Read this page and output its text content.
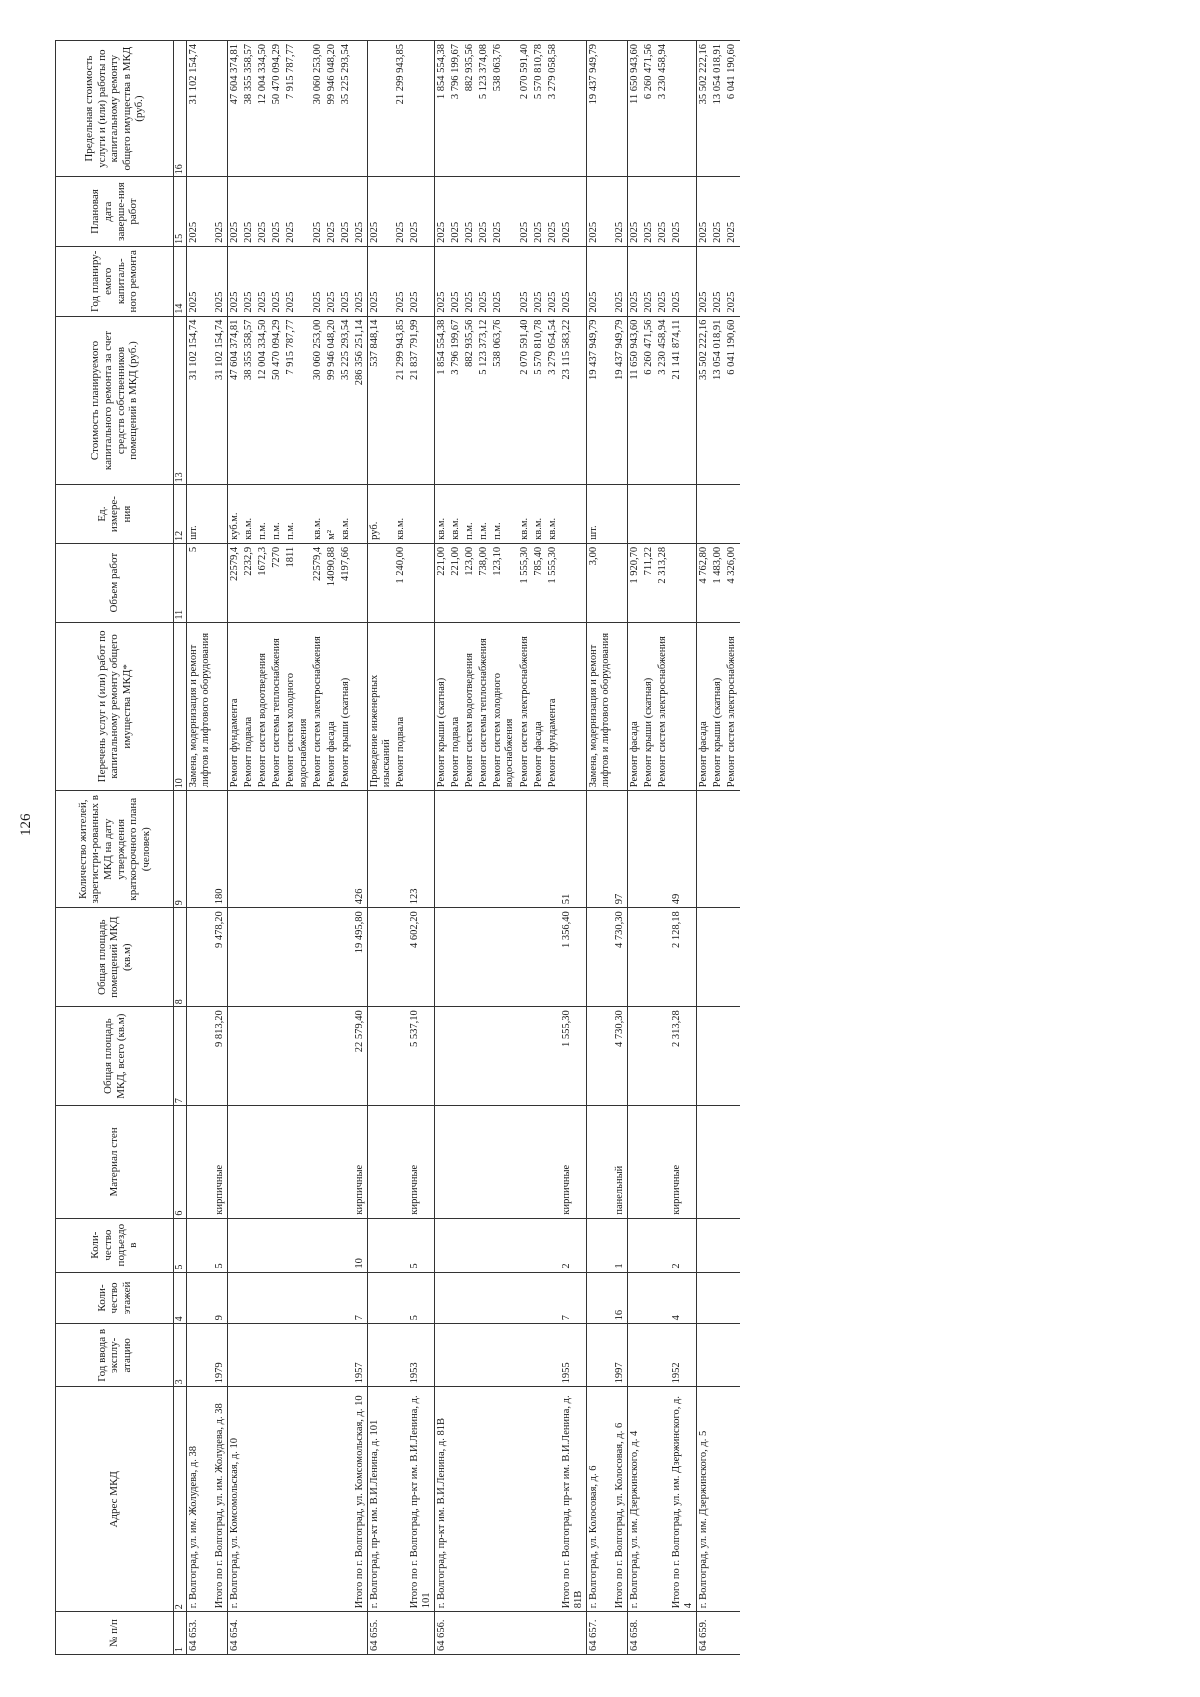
126
№ п/п	Адрес МКД	Год ввода в эксплу-атацию	Коли-чество этажей	Коли-чество подъездо в	Материал стен	Общая площадь МКД, всего (кв.м)	Общая площадь помещений МКД (кв.м)	Количество жителей, зарегистри-рованных в МКД на дату утверждения краткосрочного плана (человек)	Перечень услуг и (или) работ по капитальному ремонту общего имущества МКД*	Объем работ	Ед. измере-ния	Стоимость планируемого капитального ремонта за счет средств собственников помещений в МКД (руб.)	Год планиру-емого капиталь-ного ремонта	Плановая дата заверше-ния работ	Предельная стоимость услуги и (или) работы по капитальному ремонту общего имущества в МКД (руб.)
1	2	3	4	5	6	7	8	9	10	11	12	13	14	15	16
64 653.	г. Волгоград, ул. им. Жолудева, д. 38								Замена, модернизация и ремонт лифтов и лифтового оборудования	5	шт.	31 102 154,74	2025	2025	31 102 154,74
	Итого по г. Волгоград, ул. им. Жолудева, д. 38	1979	9	5	кирпичные	9 813,20	9 478,20	180				31 102 154,74	2025	2025	
64 654.	г. Волгоград, ул. Комсомольская, д. 10								Ремонт фундамента	22579,4	куб.м.	47 604 374,81	2025	2025	47 604 374,81
									Ремонт подвала	2232,9	кв.м.	38 355 358,57	2025	2025	38 355 358,57
									Ремонт систем водоотведения	1672,3	п.м.	12 004 334,50	2025	2025	12 004 334,50
									Ремонт системы теплоснабжения	7270	п.м.	50 470 094,29	2025	2025	50 470 094,29
									Ремонт систем холодного водоснабжения	1811	п.м.	7 915 787,77	2025	2025	7 915 787,77
									Ремонт систем электроснабжения	22579,4	кв.м.	30 060 253,00	2025	2025	30 060 253,00
									Ремонт фасада	14090,88	м²	99 946 048,20	2025	2025	99 946 048,20
									Ремонт крыши (скатная)	4197,66	кв.м.	35 225 293,54	2025	2025	35 225 293,54
	Итого по г. Волгоград, ул. Комсомольская, д. 10	1957	7	10	кирпичные	22 579,40	19 495,80	426				286 356 251,14	2025	2025	
64 655.	г. Волгоград, пр-кт им. В.И.Ленина, д. 101								Проведение инженерных изысканий		руб.	537 848,14	2025	2025	
									Ремонт подвала	1 240,00	кв.м.	21 299 943,85	2025	2025	21 299 943,85
	Итого по г. Волгоград, пр-кт им. В.И.Ленина, д. 101	1953	5	5	кирпичные	5 537,10	4 602,20	123				21 837 791,99	2025	2025	
64 656.	г. Волгоград, пр-кт им. В.И.Ленина, д. 81В								Ремонт крыши (скатная)	221,00	кв.м.	1 854 554,38	2025	2025	1 854 554,38
									Ремонт подвала	221,00	кв.м.	3 796 199,67	2025	2025	3 796 199,67
									Ремонт систем водоотведения	123,00	п.м.	882 935,56	2025	2025	882 935,56
									Ремонт системы теплоснабжения	738,00	п.м.	5 123 373,12	2025	2025	5 123 374,08
									Ремонт систем холодного водоснабжения	123,10	п.м.	538 063,76	2025	2025	538 063,76
									Ремонт систем электроснабжения	1 555,30	кв.м.	2 070 591,40	2025	2025	2 070 591,40
									Ремонт фасада	785,40	кв.м.	5 570 810,78	2025	2025	5 570 810,78
									Ремонт фундамента	1 555,30	кв.м.	3 279 054,54	2025	2025	3 279 058,58
	Итого по г. Волгоград, пр-кт им. В.И.Ленина, д. 81В	1955	7	2	кирпичные	1 555,30	1 356,40	51				23 115 583,22	2025	2025	
64 657.	г. Волгоград, ул. Колосовая, д. 6								Замена, модернизация и ремонт лифтов и лифтового оборудования	3,00	шт.	19 437 949,79	2025	2025	19 437 949,79
	Итого по г. Волгоград, ул. Колосовая, д. 6	1997	16	1	панельный	4 730,30	4 730,30	97				19 437 949,79	2025	2025	
64 658.	г. Волгоград, ул. им. Дзержинского, д. 4								Ремонт фасада	1 920,70		11 650 943,60	2025	2025	11 650 943,60
									Ремонт крыши (скатная)	711,22		6 260 471,56	2025	2025	6 260 471,56
									Ремонт систем электроснабжения	2 313,28		3 230 458,94	2025	2025	3 230 458,94
	Итого по г. Волгоград, ул. им. Дзержинского, д. 4	1952	4	2	кирпичные	2 313,28	2 128,18	49				21 141 874,11	2025	2025	
64 659.	г. Волгоград, ул. им. Дзержинского, д. 5								Ремонт фасада	4 762,80		35 502 222,16	2025	2025	35 502 222,16
									Ремонт крыши (скатная)	1 483,00		13 054 018,91	2025	2025	13 054 018,91
									Ремонт систем электроснабжения	4 326,00		6 041 190,60	2025	2025	6 041 190,60
